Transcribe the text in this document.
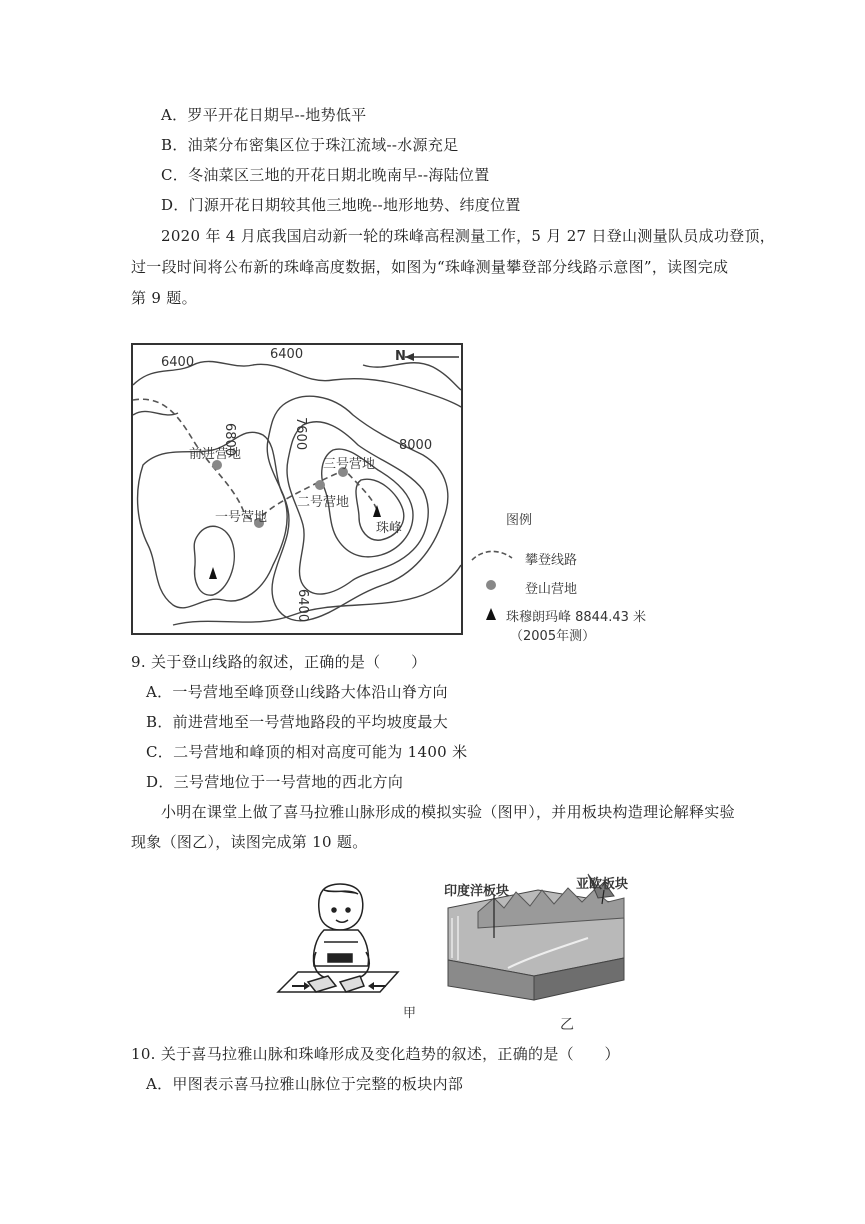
A．罗平开花日期早--地势低平
B．油菜分布密集区位于珠江流域--水源充足
C．冬油菜区三地的开花日期北晚南早--海陆位置
D．门源开花日期较其他三地晚--地形地势、纬度位置
2020 年 4 月底我国启动新一轮的珠峰高程测量工作，5 月 27 日登山测量队员成功登顶，
过一段时间将公布新的珠峰高度数据，如图为“珠峰测量攀登部分线路示意图”，读图完成
第 9 题。
6400
6400
6800	7600	8000
6400
N
前进营地
一号营地
二号营地
三号营地
珠峰
图例
攀登线路
登山营地
珠穆朗玛峰 8844.43 米
（2005年测）
9. 关于登山线路的叙述，正确的是（　　）
A．一号营地至峰顶登山线路大体沿山脊方向
B．前进营地至一号营地路段的平均坡度最大
C．二号营地和峰顶的相对高度可能为 1400 米
D．三号营地位于一号营地的西北方向
小明在课堂上做了喜马拉雅山脉形成的模拟实验（图甲），并用板块构造理论解释实验
现象（图乙），读图完成第 10 题。
甲
印度洋板块	亚欧板块
乙
10. 关于喜马拉雅山脉和珠峰形成及变化趋势的叙述，正确的是（　　）
A．甲图表示喜马拉雅山脉位于完整的板块内部
